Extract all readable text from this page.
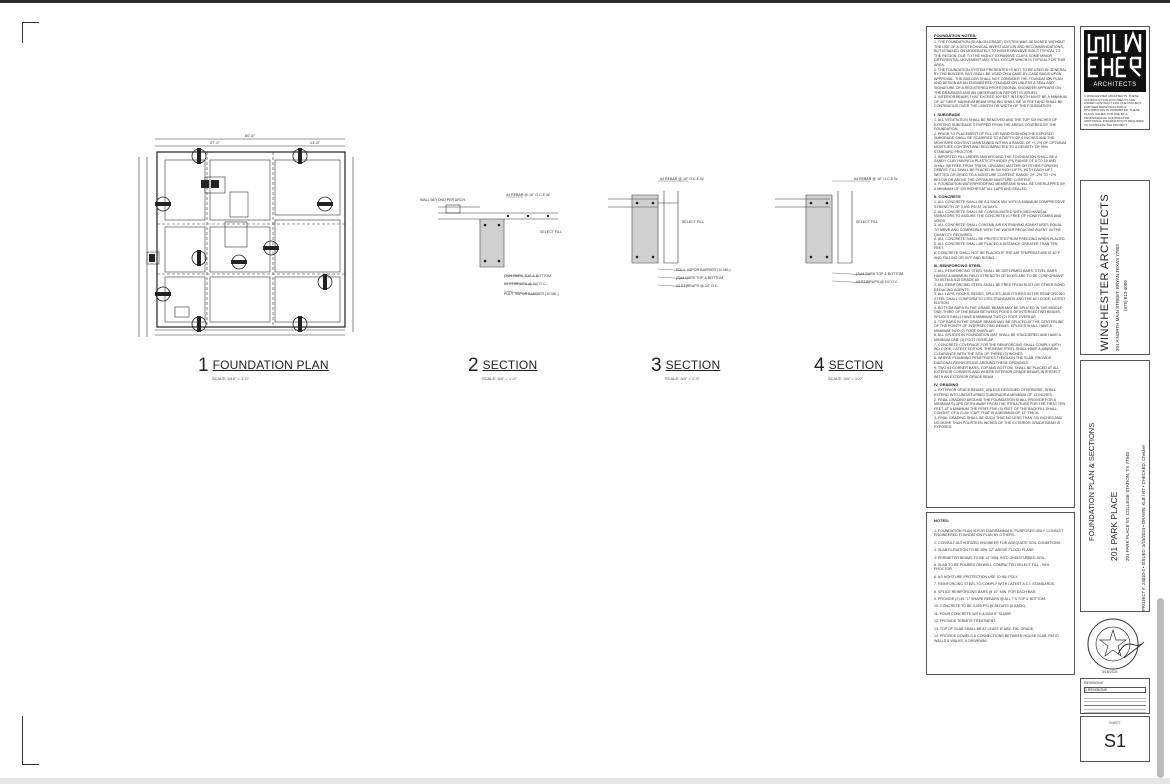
60'-8"
27'-0"	13'-8"
1 FOUNDATION PLAN
SCALE: 3/16" = 1'-0"
WALL BEYOND PER ARCH.
#4 REBAR @ 16" O.C.E.W.
SELECT FILL
(2)#4 BARS TOP & BOTTOM
#3 STIRRUPS @ 24" O.C.
POLY. VAPOR BARRIER (10 MIL)
2 SECTION
SCALE: 3/4" = 1'-0"
#4 REBAR @ 16" O.C.E.W.
SELECT FILL
POLY. VAPOR BARRIER (10 MIL)
(2)#4 BARS TOP & BOTTOM
#3 STIRRUPS @ 24" O.C.
3 SECTION
SCALE: 3/4" = 1'-0"
#4 REBAR @ 16" O.C.E.W.
SELECT FILL
(2)#4 BARS TOP & BOTTOM
#3 STIRRUPS @ 24" O.C.
4 SECTION
SCALE: 3/4" = 1'-0"
FOUNDATION NOTES:
1. THE FOUNDATION (SLAB-ON-GRADE) SYSTEM WAS DESIGNED WITHOUT THE USE OF A GEOTECHNICAL INVESTIGATION AND RECOMMENDATIONS, BUT IS BASED ON MODERATELY TO HIGH EXPANSIVE SOILS TYPICAL TO THE REGION. DUE TO THE HIGHLY EXPANSIVE CLAYS SOME MINOR DIFFERENTIAL MOVEMENT MAY STILL OCCUR WHICH IS TYPICAL FOR THIS AREA.
2. THE FOUNDATION SYSTEM PRESENTED IS NOT TO BE USED IN GENERAL BY THE BUILDER, BUT SHALL BE USED ON A CASE-BY-CASE BASIS UPON APPROVAL. THE BUILDER SHALL NOT CONSIDER THE FOUNDATION PLAN AND DESIGN AS AN ENGINEERED FOUNDATION UNLESS A SEAL AND SIGNATURE OF A REGISTERED PROFESSIONAL ENGINEER APPEARS ON THE DRAWINGS AND AN OBSERVATION REPORT IS ISSUED.
3. INTERIOR BEAMS THAT EXCEED 40 FEET IN LENGTH MUST BE A MINIMUM OF 32" DEEP. MAXIMUM BEAM SPACING SHALL BE 15 FEET AND SHALL BE CONTINUOUS OVER THE LENGTH OR WIDTH OF THE FOUNDATION.
I. SUBGRADE
1. ALL VEGETATION SHALL BE REMOVED AND THE TOP SIX INCHES OF EXISTING SUBGRADE STRIPPED FROM THE AREAS COVERED BY THE FOUNDATION.
2. PRIOR TO PLACEMENT OF FILL OR SAND CUSHION THE EXPOSED SUBGRADE SHALL BE SCARIFIED TO A DEPTH OF 6 INCHES AND THE MOISTURE CONTENT MAINTAINED WITHIN A RANGE OF +/- 2% OF OPTIMUM MOISTURE CONTENT AND RECOMPACTED TO A DENSITY OF 95% STANDARD PROCTOR.
3. IMPORTED FILL UNDER AND AROUND THE FOUNDATION SHALL BE A SANDY CLAY HAVING A PLASTICITY INDEX (PI) RANGE OF 8 TO 18 AND SHALL BE FREE FROM TRASH, ORGANIC MATTER OR OTHER FOREIGN DEBRIS. FILL SHALL BE PLACED IN SIX INCH LIFTS, WITH EACH LIFT WETTED OR DRIED TO A MOISTURE CONTENT RANGE OF -2% TO +2% BELOW OR ABOVE THE OPTIMUM MOISTURE CONTENT.
4. FOUNDATION WATERPROOFING MEMBRANE SHALL BE OVERLAPPED BY A MINIMUM OF SIX INCHES AT ALL LAPS AND SEALED.
II. CONCRETE
1. ALL CONCRETE SHALL BE A 5 SACK MIX WITH A MINIMUM COMPRESSIVE STRENGTH OF 3,000 PSI AT 28 DAYS.
2. ALL CONCRETE SHALL BE CONSOLIDATED WITH MECHANICAL VIBRATORS TO ASSURE THE CONCRETE IS FREE OF HONEYCOMBS AND VOIDS.
3. ALL CONCRETE SHALL CONTAIN AIR ENTRAINING ADMIXTURES EQUAL TO MBVR AND COMPATIBLE WITH THE WATER REDUCING AGENT. IN THE QUANTITY REQUIRED.
4. ALL CONCRETE SHALL BE PROTECTED FROM FREEZING WHEN PLACED.
5. ALL CONCRETE SHALL BE PLACED A DISTANCE GREATER THAN TEN FEET.
6. CONCRETE SHALL NOT BE PLACED IF THE AIR TEMPERATURE IS 40°F AND FALLING OR 90°F AND RISING.
III. REINFORCING STEEL
1. ALL REINFORCING STEEL SHALL BE DEFORMED BARS. STEEL BARS HAVING A MINIMUM YIELD STRENGTH OF 60 KSI ARE TO BE CONFORMANT TO ASTM A-615 GRADE 60.
2. ALL REINFORCING STEEL SHALL BE FREE FROM RUST OR OTHER BOND REDUCING AGENTS.
3. ALL LAPS, HOOKS, BENDS, SPLICES, AND OTHERS IN THE REINFORCING STEEL SHALL CONFORM TO CRSI STANDARDS AND THE ACI CODE, LATEST EDITION.
4. BOTTOM BARS IN THE GRADE BEAMS MAY BE SPLICED IN THE MIDDLE ONE-THIRD OF THE BEAM BETWEEN POINTS OF INTERSECTING BEAMS. SPLICES SHALL HAVE A MINIMUM TWO (2) FOOT OVERLAP.
5. TOP BARS IN THE GRADE BEAMS MAY BE SPLICED AT THE CENTERLINE OF THE POINTS OF INTERSECTING BEAMS. SPLICES SHALL HAVE A MINIMUM TWO (2) FOOT OVERLAP.
6. ALL SPLICES IN FOUNDATION MAT SHALL BE STAGGERED AND HAVE A MINIMUM ONE (1) FOOT OVERLAP.
7. CONCRETE COVERAGE FOR THE REINFORCING SHALL COMPLY WITH ACI CODE, LATEST EDITION. THE BEAM STEEL SHALL HAVE A MINIMUM CLEARANCE WITH THE SOIL OF THREE (3) INCHES.
8. WHERE PLUMBING PENETRATES THROUGH THE SLAB, PROVIDE DIAGONAL REINFORCING AROUND THESE OPENINGS.
9. TWO #4 CORNER BARS, TOP AND BOTTOM, SHALL BE PLACED AT ALL EXTERIOR CORNERS AND WHERE INTERIOR GRADE BEAMS INTERSECT WITH AN EXTERIOR GRADE BEAM.
IV. GRADING
1. EXTERIOR GRADE BEAMS, UNLESS DESIGNED OTHERWISE, SHALL EXTEND INTO UNDISTURBED SUBGRADE A MINIMUM OF 12 INCHES.
2. FINAL GRADING AROUND THE FOUNDATION SHALL PROVIDE FOR A MINIMUM SLOPE OF 5% AWAY FROM THE STRUCTURE FOR THE FIRST TEN FEET. AT A MINIMUM THE FIRST FIVE (5) FEET OF THE BACKFILL SHALL CONSIST OF A CLAY "CAP" THAT IS A MINIMUM OF 12" THICK.
3. FINAL GRADING SHALL BE SUCH THAT NO LESS THAN SIX INCHES AND NO MORE THAN FOURTEEN INCHES OF THE EXTERIOR GRADE BEAM IS EXPOSED.
NOTES:
1. FOUNDATION PLAN IS FOR DIAGRAMMATIC PURPOSES ONLY. CONSULT ENGINEERED FOUNDATION PLAN BY OTHERS.
2. CONSULT AUTHORIZED ENGINEER FOR ADEQUATE SOIL CONDITIONS.
3. SLAB ELEVATION TO BE MIN. 12" ABOVE FLOOD PLANE.
4. PERIMETER BEAMS TO BE 12" MIN. INTO UNDISTURBED SOIL.
5. SLAB TO BE POURED ON WELL COMPACTED SELECT FILL - 95% PROCTOR.
6. AS MOISTURE PROTECTION USE 10 MIL POLY.
7. REINFORCING STEEL TO COMPLY WITH LATEST A.C.I. STANDARDS.
8. SPLICE REINFORCING BARS @ 15" MIN. FOR EACH BAR.
9. PROVIDE (2) #4 "L" SHAPE REBARS @ ALL T'S TOP & BOTTOM.
10. CONCRETE TO BE 3,000 PSI @ 28 DAYS (5 SACK).
11. POUR CONCRETE WITH A MAX 5" SLUMP.
12. PROVIDE TERMITE TREATMENT.
13. TOP OF SLAB SHALL BE AT LEAST 8" ABV. FIN. GRADE.
14. PROVIDE DOWELS & CONNECTIONS BETWEEN HOUSE SLAB, PATIO WALLS & WALKS, & DRIVEWAY.
ARCHITECTS
© WINCHESTER ARCHITECTS. THESE CONSTRUCTION DOCUMENTS ARE UNDER CONTRACT FOR ONE PROJECT. FURTHER REPRODUCTION & DISTRIBUTION IS PROHIBITED. THESE PLANS ISSUED FOR USE BY A PROFESSIONAL CONTRACTOR. ADDITIONAL INFORMATION IS REQUIRED TO COMPLETE THE PROJECT.
WINCHESTER ARCHITECTS 201 A NORTH MAIN STREET, BRYAN TEXAS 77803 (979) 813-4009
FOUNDATION PLAN & SECTIONS 201 PARK PLACE 201 PARK PLACE ST. COLLEGE STATION, TX 77840	PROJECT #: 24010-4 • ISSUED: 3/15/2024 • DRAWN: KLB / RT • CHECKED: Checker
3/15/2024
REVISIONS
1 REVISIONS
SHEET
S1
